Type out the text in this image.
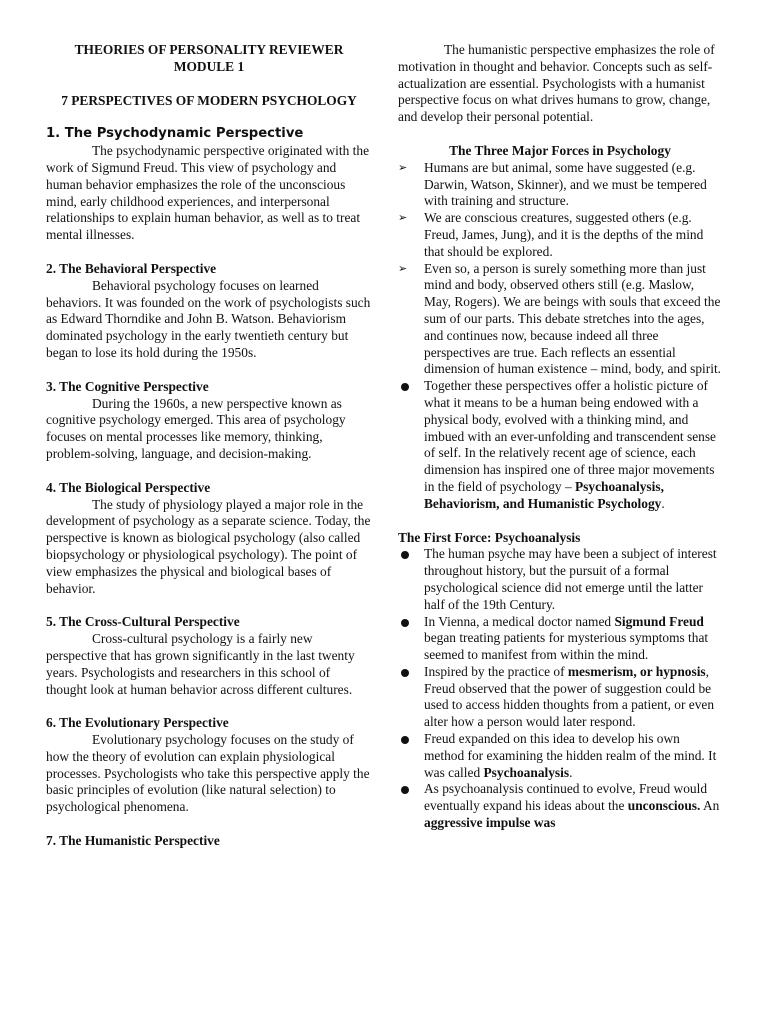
THEORIES OF PERSONALITY REVIEWER MODULE 1
7 PERSPECTIVES OF MODERN PSYCHOLOGY
1. The Psychodynamic Perspective
The psychodynamic perspective originated with the work of Sigmund Freud. This view of psychology and human behavior emphasizes the role of the unconscious mind, early childhood experiences, and interpersonal relationships to explain human behavior, as well as to treat mental illnesses.
2. The Behavioral Perspective
Behavioral psychology focuses on learned behaviors. It was founded on the work of psychologists such as Edward Thorndike and John B. Watson. Behaviorism dominated psychology in the early twentieth century but began to lose its hold during the 1950s.
3. The Cognitive Perspective
During the 1960s, a new perspective known as cognitive psychology emerged. This area of psychology focuses on mental processes like memory, thinking, problem-solving, language, and decision-making.
4. The Biological Perspective
The study of physiology played a major role in the development of psychology as a separate science. Today, the perspective is known as biological psychology (also called biopsychology or physiological psychology). The point of view emphasizes the physical and biological bases of behavior.
5. The Cross-Cultural Perspective
Cross-cultural psychology is a fairly new perspective that has grown significantly in the last twenty years. Psychologists and researchers in this school of thought look at human behavior across different cultures.
6. The Evolutionary Perspective
Evolutionary psychology focuses on the study of how the theory of evolution can explain physiological processes. Psychologists who take this perspective apply the basic principles of evolution (like natural selection) to psychological phenomena.
7. The Humanistic Perspective
The humanistic perspective emphasizes the role of motivation in thought and behavior. Concepts such as self-actualization are essential. Psychologists with a humanist perspective focus on what drives humans to grow, change, and develop their personal potential.
The Three Major Forces in Psychology
➢	Humans are but animal, some have suggested (e.g. Darwin, Watson, Skinner), and we must be tempered with training and structure.
➢	We are conscious creatures, suggested others (e.g. Freud, James, Jung), and it is the depths of the mind that should be explored.
➢	Even so, a person is surely something more than just mind and body, observed others still (e.g. Maslow, May, Rogers). We are beings with souls that exceed the sum of our parts. This debate stretches into the ages, and continues now, because indeed all three perspectives are true. Each reflects an essential dimension of human existence – mind, body, and spirit.
Together these perspectives offer a holistic picture of what it means to be a human being endowed with a physical body, evolved with a thinking mind, and imbued with an ever-unfolding and transcendent sense of self. In the relatively recent age of science, each dimension has inspired one of three major movements in the field of psychology – Psychoanalysis, Behaviorism, and Humanistic Psychology.
The First Force: Psychoanalysis
The human psyche may have been a subject of interest throughout history, but the pursuit of a formal psychological science did not emerge until the latter half of the 19th Century.
In Vienna, a medical doctor named Sigmund Freud began treating patients for mysterious symptoms that seemed to manifest from within the mind.
Inspired by the practice of mesmerism, or hypnosis, Freud observed that the power of suggestion could be used to access hidden thoughts from a patient, or even alter how a person would later respond.
Freud expanded on this idea to develop his own method for examining the hidden realm of the mind. It was called Psychoanalysis.
As psychoanalysis continued to evolve, Freud would eventually expand his ideas about the unconscious. An aggressive impulse was
